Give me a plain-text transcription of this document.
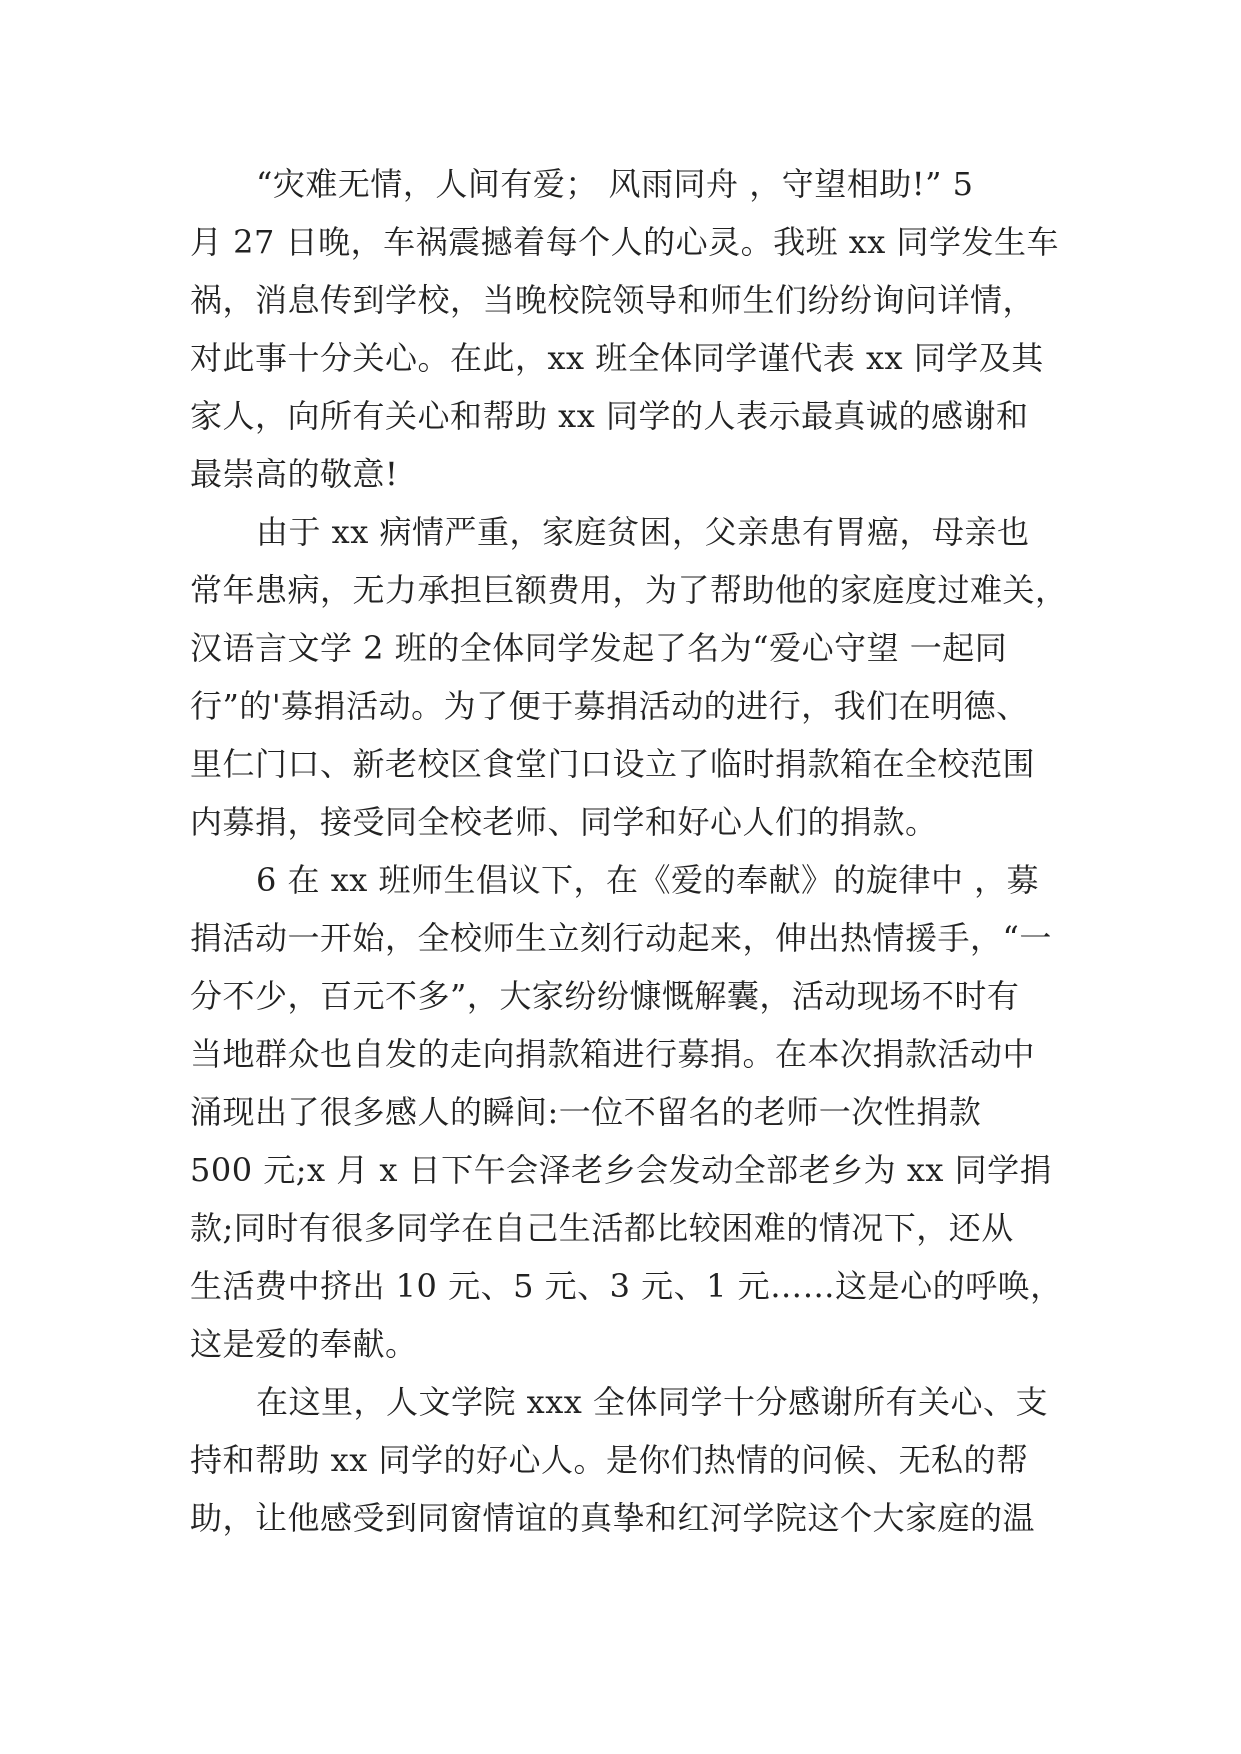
“灾难无情，人间有爱； 风雨同舟 ，守望相助!” 5
月 27 日晚，车祸震撼着每个人的心灵。我班 xx 同学发生车
祸，消息传到学校，当晚校院领导和师生们纷纷询问详情，
对此事十分关心。在此，xx 班全体同学谨代表 xx 同学及其
家人，向所有关心和帮助 xx 同学的人表示最真诚的感谢和
最崇高的敬意!
由于 xx 病情严重，家庭贫困，父亲患有胃癌，母亲也
常年患病，无力承担巨额费用，为了帮助他的家庭度过难关，
汉语言文学 2 班的全体同学发起了名为“爱心守望 一起同
行”的'募捐活动。为了便于募捐活动的进行，我们在明德、
里仁门口、新老校区食堂门口设立了临时捐款箱在全校范围
内募捐，接受同全校老师、同学和好心人们的捐款。
6 在 xx 班师生倡议下，在《爱的奉献》的旋律中 ，募
捐活动一开始，全校师生立刻行动起来，伸出热情援手，“一
分不少，百元不多”，大家纷纷慷慨解囊，活动现场不时有
当地群众也自发的走向捐款箱进行募捐。在本次捐款活动中
涌现出了很多感人的瞬间:一位不留名的老师一次性捐款
500 元;x 月 x 日下午会泽老乡会发动全部老乡为 xx 同学捐
款;同时有很多同学在自己生活都比较困难的情况下，还从
生活费中挤出 10 元、5 元、3 元、1 元……这是心的呼唤，
这是爱的奉献。
在这里，人文学院 xxx 全体同学十分感谢所有关心、支
持和帮助 xx 同学的好心人。是你们热情的问候、无私的帮
助，让他感受到同窗情谊的真挚和红河学院这个大家庭的温
